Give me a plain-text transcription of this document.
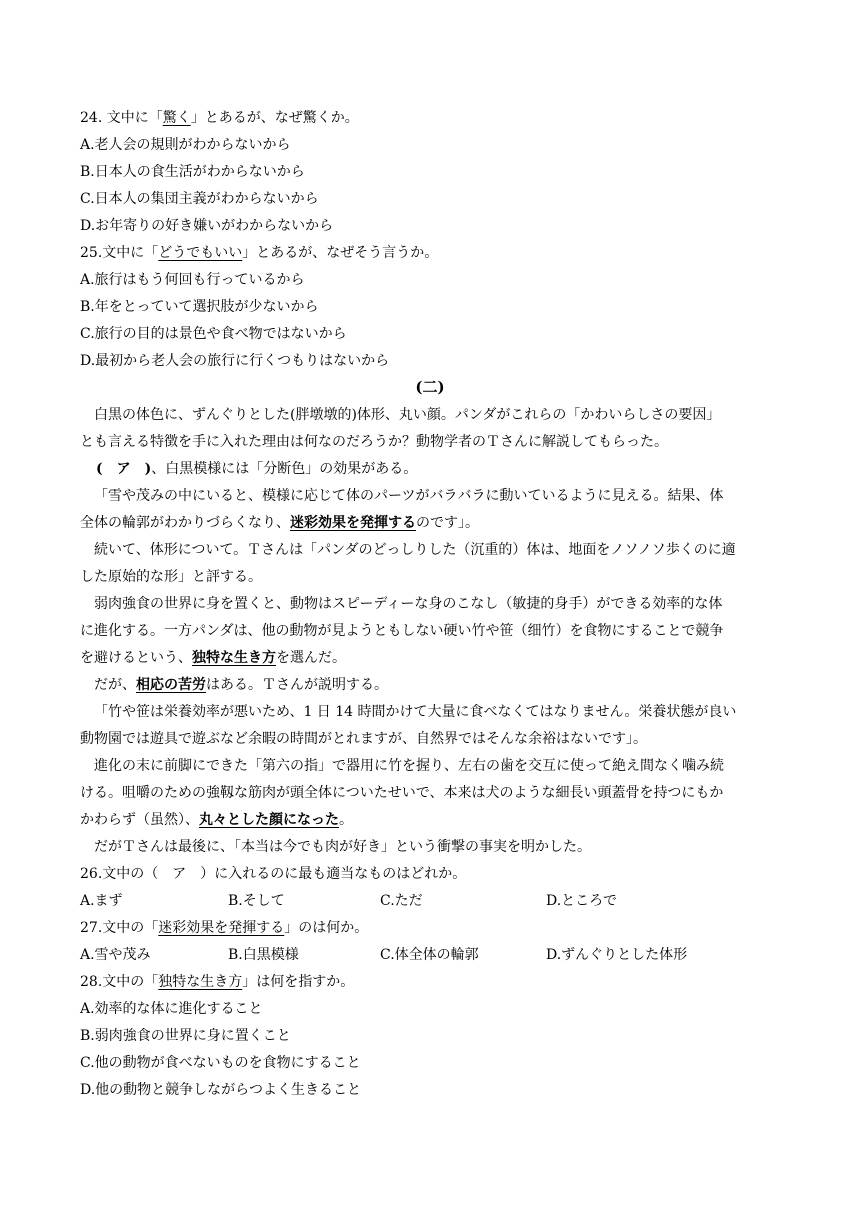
24. 文中に「驚く」とあるが、なぜ驚くか。
A.老人会の規則がわからないから
B.日本人の食生活がわからないから
C.日本人の集団主義がわからないから
D.お年寄りの好き嫌いがわからないから
25.文中に「どうでもいい」とあるが、なぜそう言うか。
A.旅行はもう何回も行っているから
B.年をとっていて選択肢が少ないから
C.旅行の目的は景色や食べ物ではないから
D.最初から老人会の旅行に行くつもりはないから
(二)
白黒の体色に、ずんぐりとした(胖墩墩的)体形、丸い顔。パンダがこれらの「かわいらしさの要因」
とも言える特徴を手に入れた理由は何なのだろうか？動物学者のＴさんに解説してもらった。
(　ア　)、白黒模様には「分断色」の効果がある。
「雪や茂みの中にいると、模様に応じて体のパーツがバラバラに動いているように見える。結果、体
全体の輪郭がわかりづらくなり、迷彩効果を発揮するのです」。
続いて、体形について。Ｔさんは「パンダのどっしりした（沉重的）体は、地面をノソノソ歩くのに適
した原始的な形」と評する。
弱肉強食の世界に身を置くと、動物はスピーディーな身のこなし（敏捷的身手）ができる効率的な体
に進化する。一方パンダは、他の動物が見ようともしない硬い竹や笹（细竹）を食物にすることで競争
を避けるという、独特な生き方を選んだ。
だが、相応の苦労はある。Ｔさんが説明する。
「竹や笹は栄養効率が悪いため、1 日 14 時間かけて大量に食べなくてはなりません。栄養状態が良い
動物園では遊具で遊ぶなど余暇の時間がとれますが、自然界ではそんな余裕はないです」。
進化の末に前脚にできた「第六の指」で器用に竹を握り、左右の歯を交互に使って絶え間なく噛み続
ける。咀嚼のための強靱な筋肉が頭全体についたせいで、本来は犬のような細長い頭蓋骨を持つにもか
かわらず（虽然）、丸々とした顔になった。
だがＴさんは最後に、「本当は今でも肉が好き」という衝撃の事実を明かした。
26.文中の（　ア　）に入れるのに最も適当なものはどれか。
A.まず	B.そして	C.ただ	D.ところで
27.文中の「迷彩効果を発揮する」のは何か。
A.雪や茂み	B.白黒模様	C.体全体の輪郭	D.ずんぐりとした体形
28.文中の「独特な生き方」は何を指すか。
A.効率的な体に進化すること
B.弱肉強食の世界に身に置くこと
C.他の動物が食べないものを食物にすること
D.他の動物と競争しながらつよく生きること
